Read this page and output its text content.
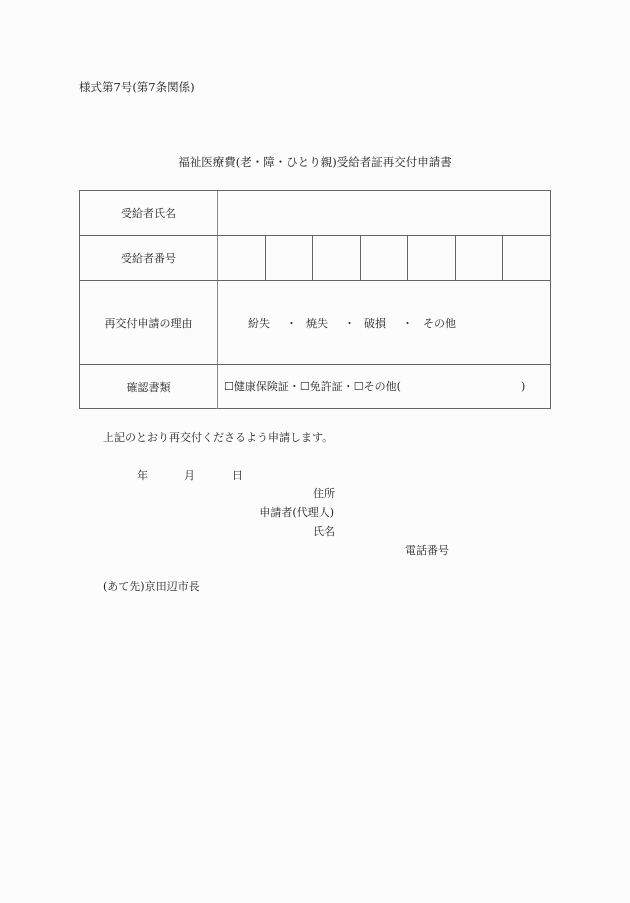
様式第7号(第7条関係)
福祉医療費(老・障・ひとり親)受給者証再交付申請書
受給者氏名
受給者番号
再交付申請の理由	紛失 ・ 焼失 ・ 破損 ・ その他
確認書類	☐健康保険証・☐免許証・☐その他(	)
上記のとおり再交付くださるよう申請します。
年	月	日
住所
申請者(代理人)
氏名
電話番号
(あて先)京田辺市長
